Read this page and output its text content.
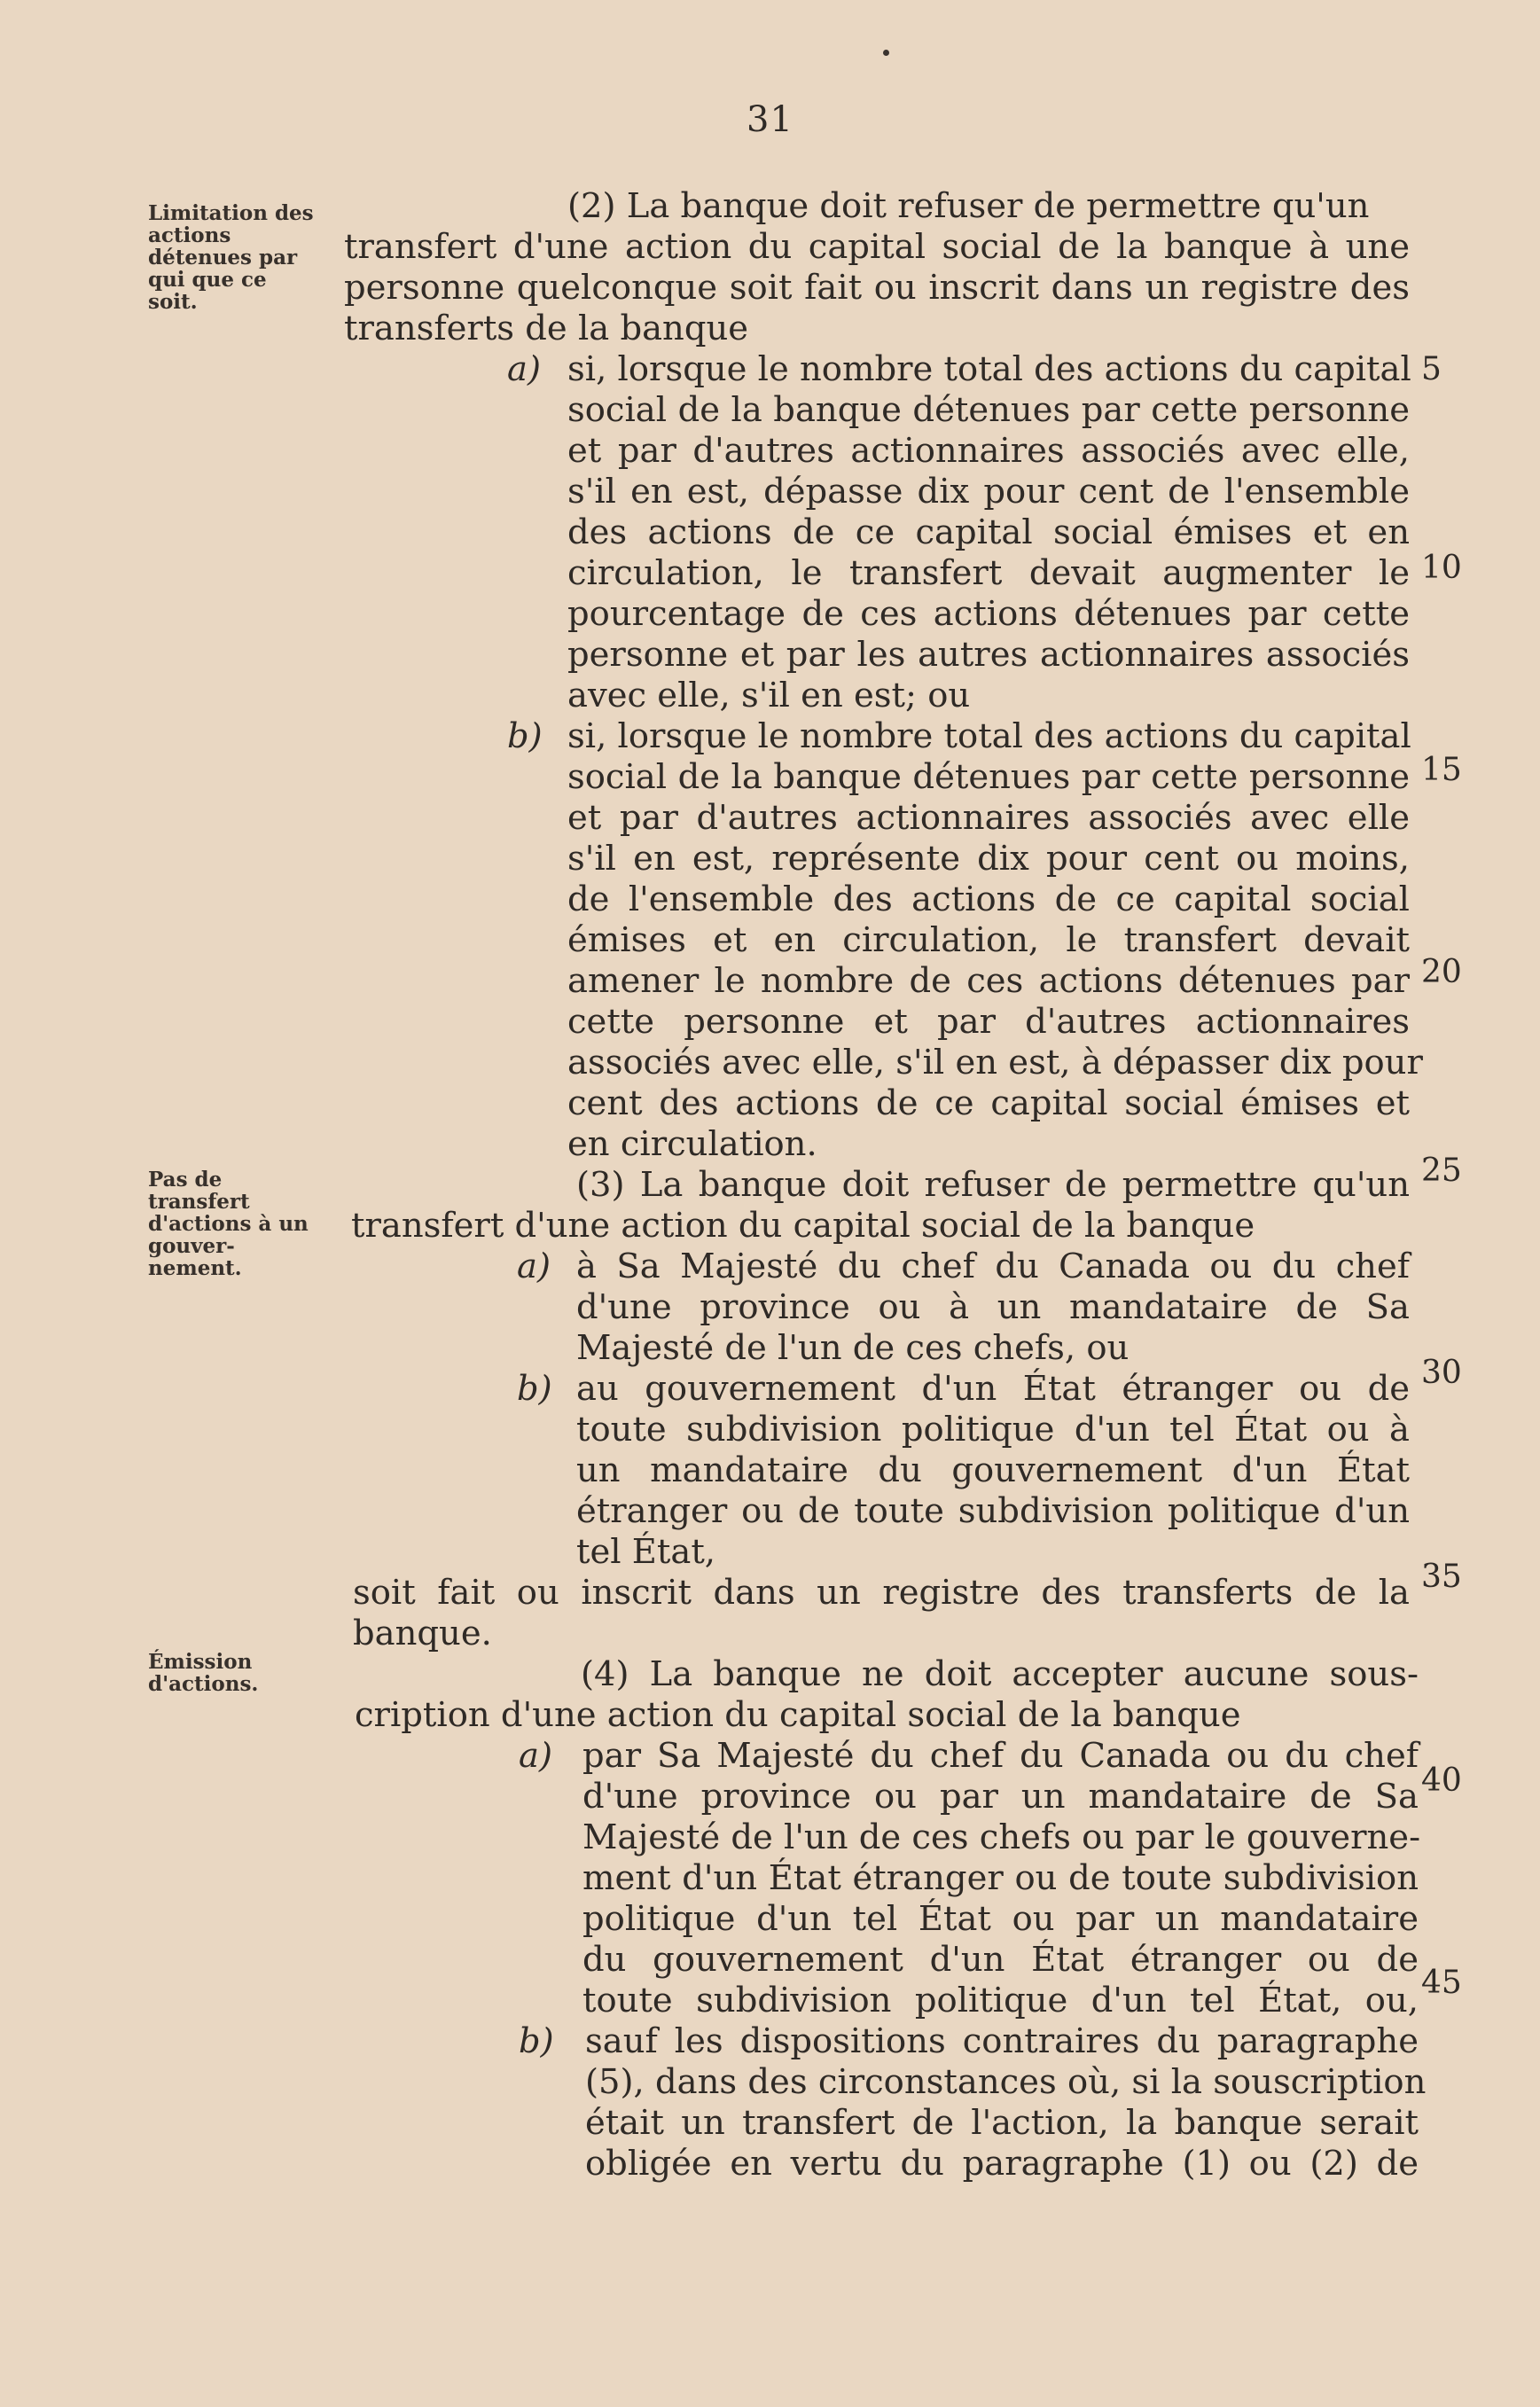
31
Limitation des actions détenues par qui que ce soit.
Pas de transfert d'actions à un gouver-nement.
Émission d'actions.
(2) La banque doit refuser de permettre qu'un
transfert d'une action du capital social de la banque à une
personne quelconque soit fait ou inscrit dans un registre des
transferts de la banque
a) si, lorsque le nombre total des actions du capital
social de la banque détenues par cette personne
et par d'autres actionnaires associés avec elle,
s'il en est, dépasse dix pour cent de l'ensemble
des actions de ce capital social émises et en
circulation, le transfert devait augmenter le
pourcentage de ces actions détenues par cette
personne et par les autres actionnaires associés
avec elle, s'il en est; ou
b) si, lorsque le nombre total des actions du capital
social de la banque détenues par cette personne
et par d'autres actionnaires associés avec elle
s'il en est, représente dix pour cent ou moins,
de l'ensemble des actions de ce capital social
émises et en circulation, le transfert devait
amener le nombre de ces actions détenues par
cette personne et par d'autres actionnaires
associés avec elle, s'il en est, à dépasser dix pour
cent des actions de ce capital social émises et
en circulation.
(3) La banque doit refuser de permettre qu'un
transfert d'une action du capital social de la banque
a) à Sa Majesté du chef du Canada ou du chef
d'une province ou à un mandataire de Sa
Majesté de l'un de ces chefs, ou
b) au gouvernement d'un État étranger ou de
toute subdivision politique d'un tel État ou à
un mandataire du gouvernement d'un État
étranger ou de toute subdivision politique d'un
tel État,
soit fait ou inscrit dans un registre des transferts de la
banque.
(4) La banque ne doit accepter aucune sous-
cription d'une action du capital social de la banque
a) par Sa Majesté du chef du Canada ou du chef
d'une province ou par un mandataire de Sa
Majesté de l'un de ces chefs ou par le gouverne-
ment d'un État étranger ou de toute subdivision
politique d'un tel État ou par un mandataire
du gouvernement d'un État étranger ou de
toute subdivision politique d'un tel État, ou,
b) sauf les dispositions contraires du paragraphe
(5), dans des circonstances où, si la souscription
était un transfert de l'action, la banque serait
obligée en vertu du paragraphe (1) ou (2) de
5
10
15
20
25
30
35
40
45
